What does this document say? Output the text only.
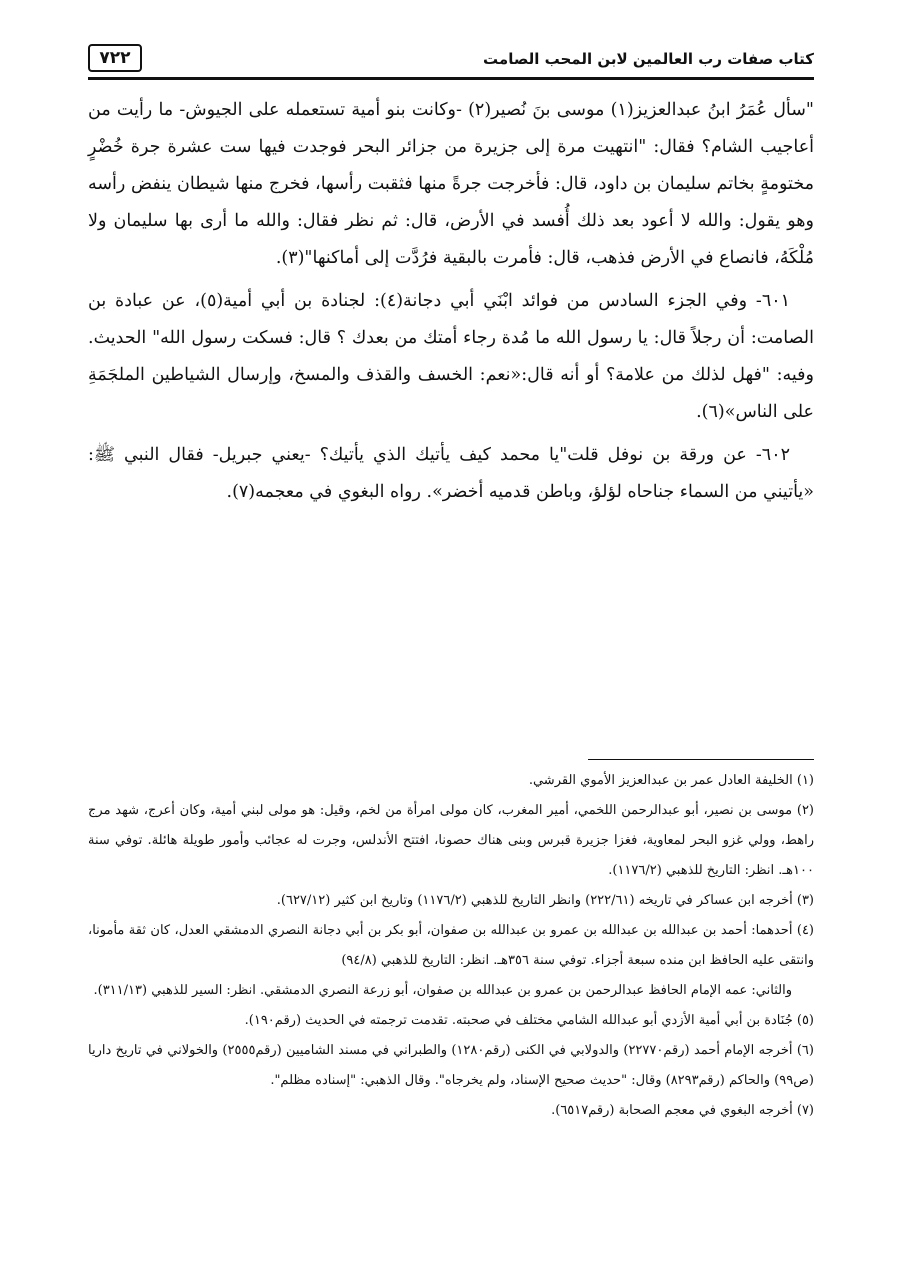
كتاب صفات رب العالمين لابن المحب الصامت
٧٢٢

"سأل عُمَرُ ابنُ عبدالعزيز(١) موسى بنَ نُصير(٢) -وكانت بنو أمية تستعمله على الجيوش- ما رأيت من أعاجيب الشام؟ فقال: "انتهيت مرة إلى جزيرة من جزائر البحر فوجدت فيها ست عشرة جرة خُضْرٍ مختومةٍ بخاتم سليمان بن داود، قال: فأخرجت جرةً منها فثقبت رأسها، فخرج منها شيطان ينفض رأسه وهو يقول: والله لا أعود بعد ذلك أُفسد في الأرض، قال: ثم نظر فقال: والله ما أرى بها سليمان ولا مُلْكَهُ، فانصاع في الأرض فذهب، قال: فأمرت بالبقية فرُدَّت إلى أماكنها"(٣).

٦٠١- وفي الجزء السادس من فوائد ابْنَي أبي دجانة(٤): لجنادة بن أبي أمية(٥)، عن عبادة بن الصامت: أن رجلاً قال: يا رسول الله ما مُدة رجاء أمتك من بعدك ؟ قال: فسكت رسول الله" الحديث. وفيه: "فهل لذلك من علامة؟ أو أنه قال:«نعم: الخسف والقذف والمسخ، وإرسال الشياطين الملجَمَةِ على الناس»(٦).

٦٠٢- عن ورقة بن نوفل قلت"يا محمد كيف يأتيك الذي يأتيك؟ -يعني جبريل- فقال النبي ﷺ: «يأتيني من السماء جناحاه لؤلؤ، وباطن قدميه أخضر». رواه البغوي في معجمه(٧).

(١) الخليفة العادل عمر بن عبدالعزيز الأموي القرشي.

(٢) موسى بن نصير، أبو عبدالرحمن اللخمي، أمير المغرب، كان مولى امرأة من لخم، وقيل: هو مولى لبني أمية، وكان أعرج، شهد مرج راهط، وولي غزو البحر لمعاوية، فغزا جزيرة قبرس وبنى هناك حصونا، افتتح الأندلس، وجرت له عجائب وأمور طويلة هائلة. توفي سنة ١٠٠هـ. انظر: التاريخ للذهبي (١١٧٦/٢).

(٣) أخرجه ابن عساكر في تاريخه (٢٢٢/٦١) وانظر التاريخ للذهبي (١١٧٦/٢) وتاريخ ابن كثير (٦٢٧/١٢).

(٤) أحدهما: أحمد بن عبدالله بن عبدالله بن عمرو بن عبدالله بن صفوان، أبو بكر بن أبي دجانة النصري الدمشقي العدل، كان ثقة مأمونا، وانتقى عليه الحافظ ابن منده سبعة أجزاء. توفي سنة ٣٥٦هـ. انظر: التاريخ للذهبي (٩٤/٨)

والثاني: عمه الإمام الحافظ عبدالرحمن بن عمرو بن عبدالله بن صفوان، أبو زرعة النصري الدمشقي. انظر: السير للذهبي (٣١١/١٣).

(٥) جُنَادة بن أبي أمية الأزدي أبو عبدالله الشامي مختلف في صحبته. تقدمت ترجمته في الحديث (رقم١٩٠).

(٦) أخرجه الإمام أحمد (رقم٢٢٧٧٠) والدولابي في الكنى (رقم١٢٨٠) والطبراني في مسند الشاميين (رقم٢٥٥٥) والخولاني في تاريخ داريا (ص٩٩) والحاكم (رقم٨٢٩٣) وقال: "حديث صحيح الإسناد، ولم يخرجاه". وقال الذهبي: "إسناده مظلم".

(٧) أخرجه البغوي في معجم الصحابة (رقم٦٥١٧).
